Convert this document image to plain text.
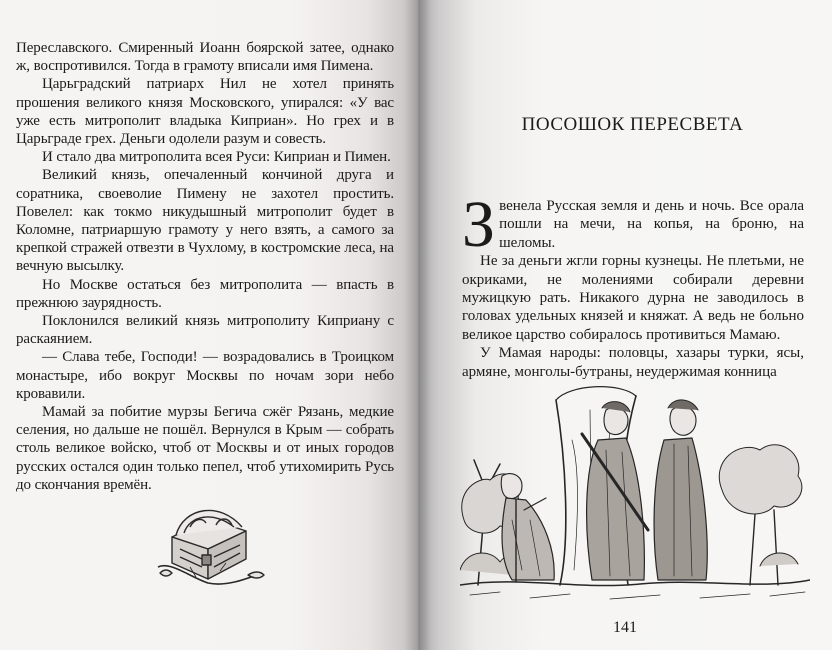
Переславского. Смиренный Иоанн боярской затее, однако ж, воспротивился. Тогда в грамоту вписали имя Пимена.

Царьградский патриарх Нил не хотел принять прошения великого князя Московского, упирался: «У вас уже есть митрополит владыка Киприан». Но грех и в Царьграде грех. Деньги одолели разум и совесть.

И стало два митрополита всея Руси: Киприан и Пимен.

Великий князь, опечаленный кончиной друга и соратника, своеволие Пимену не захотел простить. Повелел: как токмо никудышный митрополит будет в Коломне, патриаршую грамоту у него взять, а самого за крепкой стражей отвезти в Чухлому, в костромские леса, на вечную высылку.

Но Москве остаться без митрополита — впасть в прежнюю заурядность.

Поклонился великий князь митрополиту Киприану с раскаянием.

— Слава тебе, Господи! — возрадовались в Троицком монастыре, ибо вокруг Москвы по ночам зори небо кровавили.

Мамай за побитие мурзы Бегича сжёг Рязань, медкие селения, но дальше не пошёл. Вернулся в Крым — собрать столь великое войско, чтоб от Москвы и от иных городов русских остался один только пепел, чтоб утихомирить Русь до скончания времён.

ПОСОШОК ПЕРЕСВЕТА

Звенела Русская земля и день и ночь. Все орала пошли на мечи, на копья, на броню, на шеломы.

Не за деньги жгли горны кузнецы. Не плетьми, не окриками, не молениями собирали деревни мужицкую рать. Никакого дурна не заводилось в головах удельных князей и княжат. А ведь не больно великое царство собиралось противиться Мамаю.

У Мамая народы: половцы, хазары турки, ясы, армяне, монголы-бутраны, неудержимая конница

141
